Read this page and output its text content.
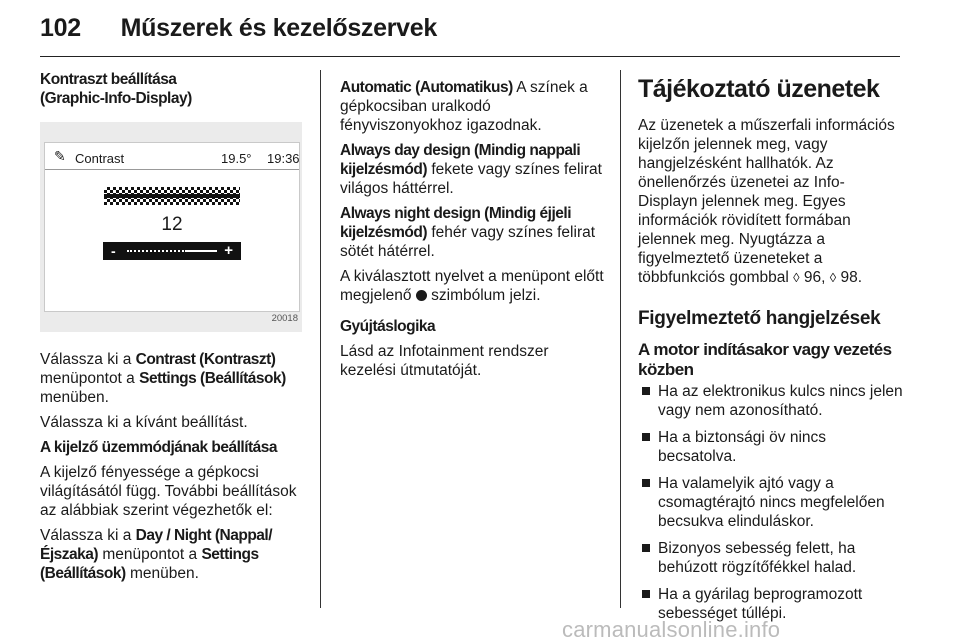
102 Műszerek és kezelőszervek
Kontraszt beállítása
(Graphic-Info-Display)
✎ Contrast	19.5° 19:36
12
-	+
20018

Válassza ki a Contrast (Kontraszt) menüpontot a Settings (Beállítások) menüben.

Válassza ki a kívánt beállítást.

A kijelző üzemmódjának beállítása

A kijelző fényessége a gépkocsi világításától függ. További beállítások az alábbiak szerint végezhetők el:

Válassza ki a Day / Night (Nappal/ Éjszaka) menüpontot a Settings (Beállítások) menüben.

Automatic (Automatikus) A színek a gépkocsiban uralkodó fényviszonyokhoz igazodnak.

Always day design (Mindig nappali kijelzésmód) fekete vagy színes felirat világos háttérrel.

Always night design (Mindig éjjeli kijelzésmód) fehér vagy színes felirat sötét hátérrel.

A kiválasztott nyelvet a menüpont előtt megjelenő  szimbólum jelzi.

Gyújtáslogika

Lásd az Infotainment rendszer kezelési útmutatóját.

Tájékoztató üzenetek

Az üzenetek a műszerfali információs kijelzőn jelennek meg, vagy hangjelzésként hallhatók. Az önellenőrzés üzenetei az Info-Displayn jelennek meg. Egyes információk rövidített formában jelennek meg. Nyugtázza a figyelmeztető üzeneteket a többfunkciós gombbal ◊ 96, ◊ 98.

Figyelmeztető hangjelzések
A motor indításakor vagy vezetés közben
Ha az elektronikus kulcs nincs jelen vagy nem azonosítható.
Ha a biztonsági öv nincs becsatolva.
Ha valamelyik ajtó vagy a csomagtérajtó nincs megfelelően becsukva elinduláskor.
Bizonyos sebesség felett, ha behúzott rögzítőfékkel halad.
Ha a gyárilag beprogramozott sebességet túllépi.
carmanualsonline.info
